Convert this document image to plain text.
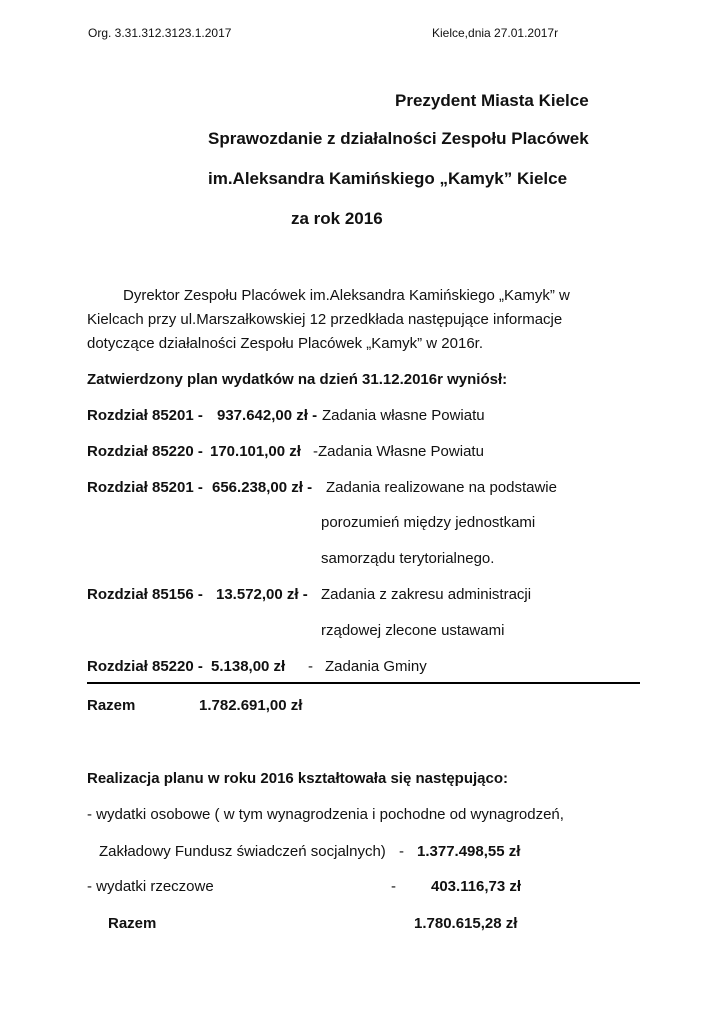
Org. 3.31.312.3123.1.2017	Kielce,dnia 27.01.2017r
Prezydent Miasta Kielce
Sprawozdanie z działalności Zespołu Placówek
im.Aleksandra Kamińskiego „Kamyk” Kielce
za rok 2016
Dyrektor Zespołu Placówek im.Aleksandra Kamińskiego „Kamyk” w
Kielcach przy ul.Marszałkowskiej 12 przedkłada następujące informacje
dotyczące działalności Zespołu Placówek „Kamyk” w 2016r.
Zatwierdzony plan wydatków na dzień 31.12.2016r wyniósł:
Rozdział 85201 - 937.642,00 zł - Zadania własne Powiatu
Rozdział 85220 - 170.101,00 zł -Zadania Własne Powiatu
Rozdział 85201 - 656.238,00 zł - Zadania realizowane na podstawie
porozumień między jednostkami
samorządu terytorialnego.
Rozdział 85156 - 13.572,00 zł - Zadania z zakresu administracji
rządowej zlecone ustawami
Rozdział 85220 - 5.138,00 zł - Zadania Gminy
Razem	1.782.691,00 zł
Realizacja planu w roku 2016 kształtowała się następująco:
- wydatki osobowe ( w tym wynagrodzenia i pochodne od wynagrodzeń,
Zakładowy Fundusz świadczeń socjalnych) - 1.377.498,55 zł
- wydatki rzeczowe	- 403.116,73 zł
Razem	1.780.615,28 zł
